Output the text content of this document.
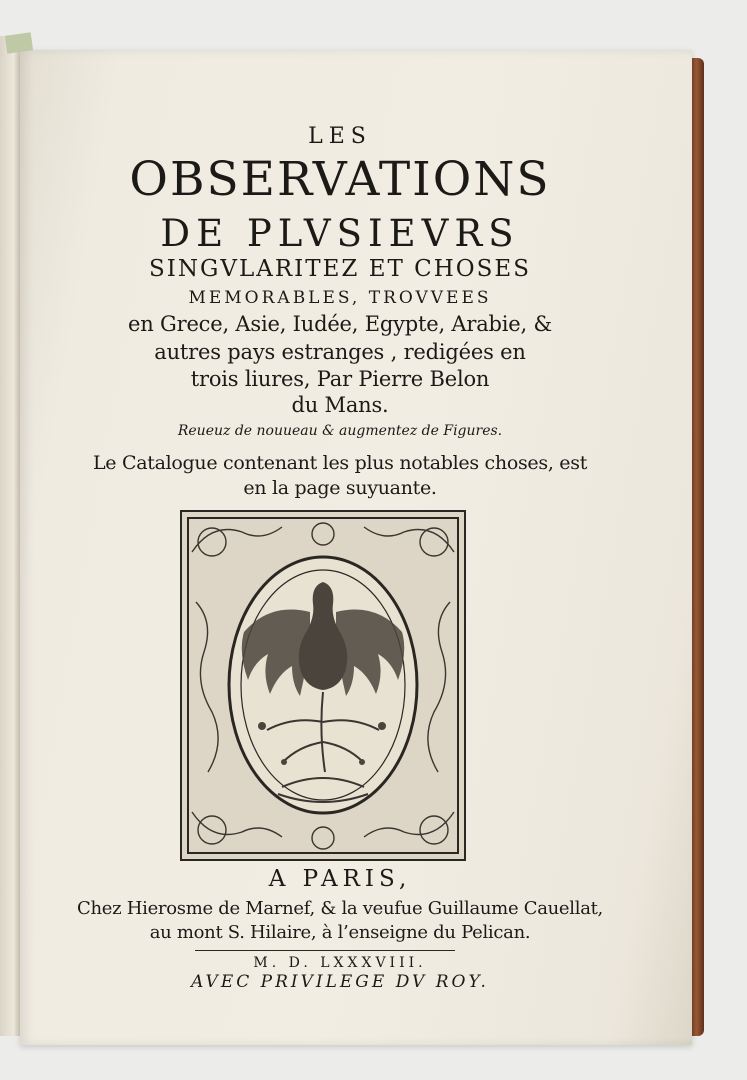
LES
OBSERVATIONS
DE PLVSIEVRS
SINGVLARITEZ ET CHOSES
MEMORABLES, TROVVEES
en Grece, Asie, Iudée, Egypte, Arabie, &
autres pays estranges , redigées en
trois liures, Par Pierre Belon
du Mans.
Reueuz de nouueau & augmentez de Figures.
Le Catalogue contenant les plus notables choses, est
en la page suyuante.
A PARIS,
Chez Hierosme de Marnef, & la veufue Guillaume Cauellat,
au mont S. Hilaire, à l’enseigne du Pelican.
M. D. LXXXVIII.
AVEC PRIVILEGE DV ROY.
